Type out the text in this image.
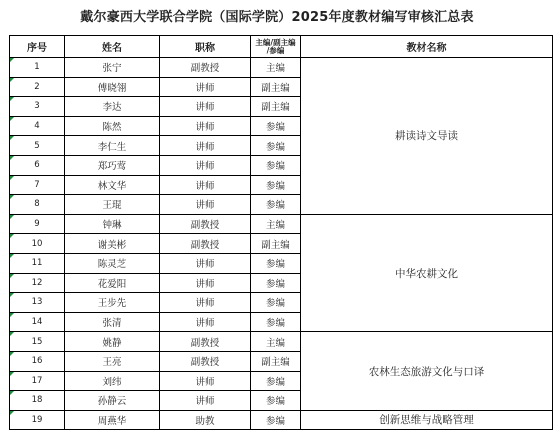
戴尔豪西大学联合学院（国际学院）2025年度教材编写审核汇总表
序号	姓名	职称	主编/副主编
/参编	教材名称
1	张宁	副教授	主编	耕读诗文导读
2	傅晓翎	讲师	副主编	
3	李达	讲师	副主编	
4	陈然	讲师	参编	
5	李仁生	讲师	参编	
6	郑巧莺	讲师	参编	
7	林文华	讲师	参编	
8	王琨	讲师	参编	
9	钟琳	副教授	主编	中华农耕文化
10	谢美彬	副教授	副主编	
11	陈灵芝	讲师	参编	
12	花爱阳	讲师	参编	
13	王步先	讲师	参编	
14	张清	讲师	参编	
15	姚静	副教授	主编	农林生态旅游文化与口译
16	王亮	副教授	副主编	
17	刘纬	讲师	参编	
18	孙静云	讲师	参编	
19	周燕华	助教	参编	创新思维与战略管理
